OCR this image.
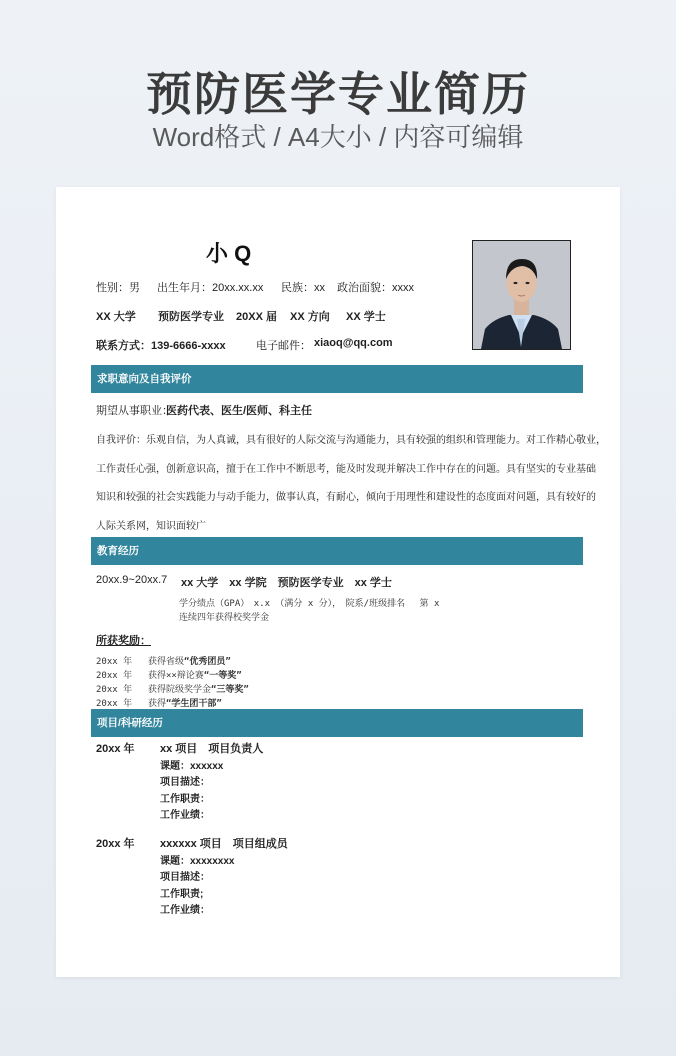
预防医学专业简历
Word格式 / A4大小 / 内容可编辑
小 Q
性别：男 出生年月：20xx.xx.xx 民族：xx 政治面貌：xxxx
XX 大学 预防医学专业 20XX 届 XX 方向 XX 学士
联系方式：139-6666-xxxx	电子邮件： xiaoq@qq.com
求职意向及自我评价
期望从事职业：
医药代表、医生/医师、科主任
自我评价：乐观自信，为人真诚，具有很好的人际交流与沟通能力，具有较强的组织和管理能力。对工作精心敬业，
工作责任心强，创新意识高，擅于在工作中不断思考，能及时发现并解决工作中存在的问题。具有坚实的专业基础
知识和较强的社会实践能力与动手能力，做事认真，有耐心，倾向于用理性和建设性的态度面对问题，具有较好的
人际关系网，知识面较广
教育经历
20xx.9~20xx.7 xx 大学　xx 学院　预防医学专业　xx 学士
学分绩点（GPA）　x.x （满分 x 分），　院系/班级排名　 第 x
连续四年获得校奖学金
所获奖励：
20xx 年 获得省级“优秀团员”
20xx 年 获得××辩论赛“一等奖”
20xx 年 获得院级奖学金“三等奖”
20xx 年 获得“学生团干部”
项目/科研经历
20xx 年 xx 项目　项目负责人
课题：xxxxxx
项目描述：
工作职责：
工作业绩：
20xx 年 xxxxxx 项目　项目组成员
课题：xxxxxxxx
项目描述：
工作职责;
工作业绩：
